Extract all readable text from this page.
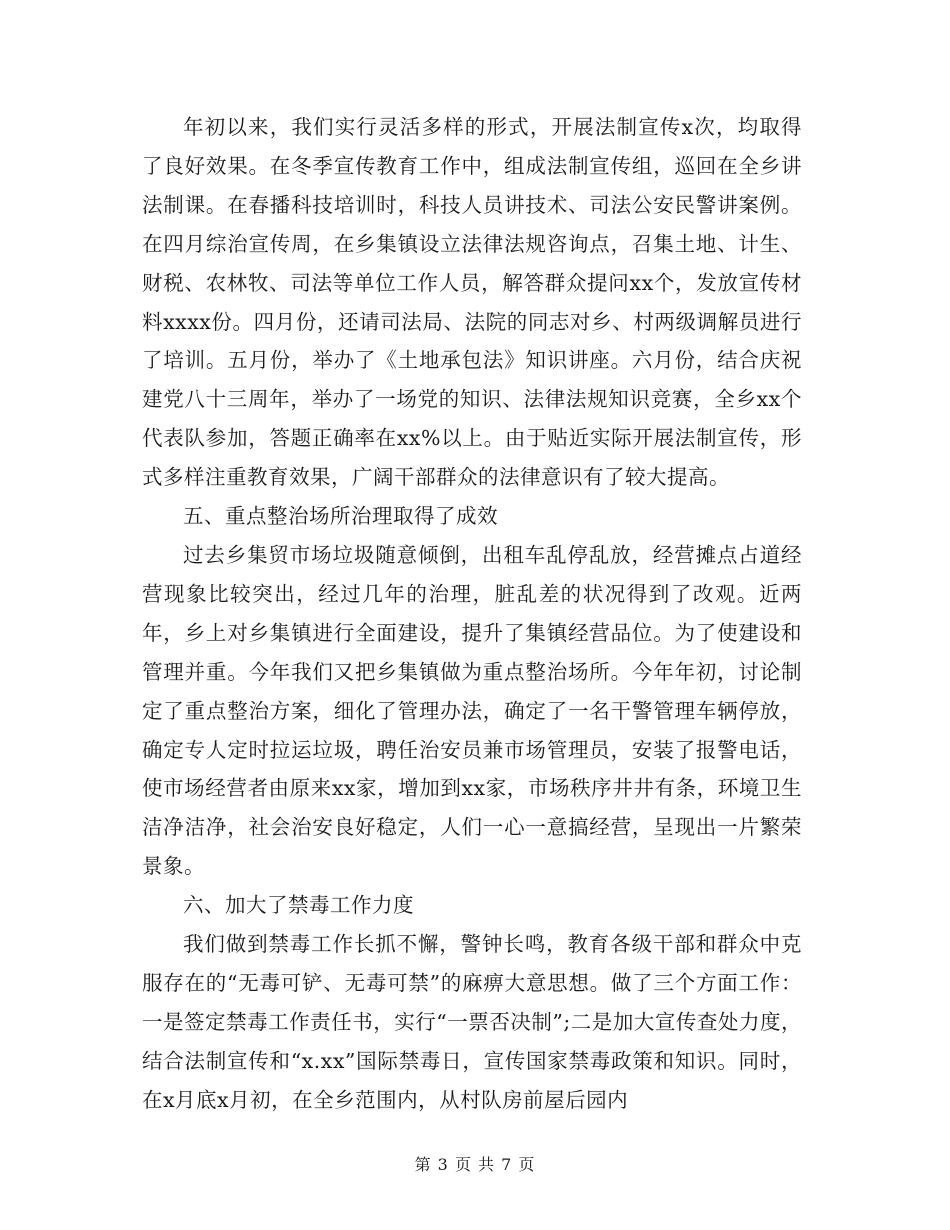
年初以来，我们实行灵活多样的形式，开展法制宣传x次，均取得了良好效果。在冬季宣传教育工作中，组成法制宣传组，巡回在全乡讲法制课。在春播科技培训时，科技人员讲技术、司法公安民警讲案例。在四月综治宣传周，在乡集镇设立法律法规咨询点，召集土地、计生、财税、农林牧、司法等单位工作人员，解答群众提问xx个，发放宣传材料xxxx份。四月份，还请司法局、法院的同志对乡、村两级调解员进行了培训。五月份，举办了《土地承包法》知识讲座。六月份，结合庆祝建党八十三周年，举办了一场党的知识、法律法规知识竞赛，全乡xx个代表队参加，答题正确率在xx%以上。由于贴近实际开展法制宣传，形式多样注重教育效果，广阔干部群众的法律意识有了较大提高。

五、重点整治场所治理取得了成效

过去乡集贸市场垃圾随意倾倒，出租车乱停乱放，经营摊点占道经营现象比较突出，经过几年的治理，脏乱差的状况得到了改观。近两年，乡上对乡集镇进行全面建设，提升了集镇经营品位。为了使建设和管理并重。今年我们又把乡集镇做为重点整治场所。今年年初，讨论制定了重点整治方案，细化了管理办法，确定了一名干警管理车辆停放，确定专人定时拉运垃圾，聘任治安员兼市场管理员，安装了报警电话，使市场经营者由原来xx家，增加到xx家，市场秩序井井有条，环境卫生洁净洁净，社会治安良好稳定，人们一心一意搞经营，呈现出一片繁荣景象。

六、加大了禁毒工作力度

我们做到禁毒工作长抓不懈，警钟长鸣，教育各级干部和群众中克服存在的“无毒可铲、无毒可禁”的麻痹大意思想。做了三个方面工作：一是签定禁毒工作责任书，实行“一票否决制”;二是加大宣传查处力度，结合法制宣传和“x.xx”国际禁毒日，宣传国家禁毒政策和知识。同时，在x月底x月初，在全乡范围内，从村队房前屋后园内

第 3 页 共 7 页
